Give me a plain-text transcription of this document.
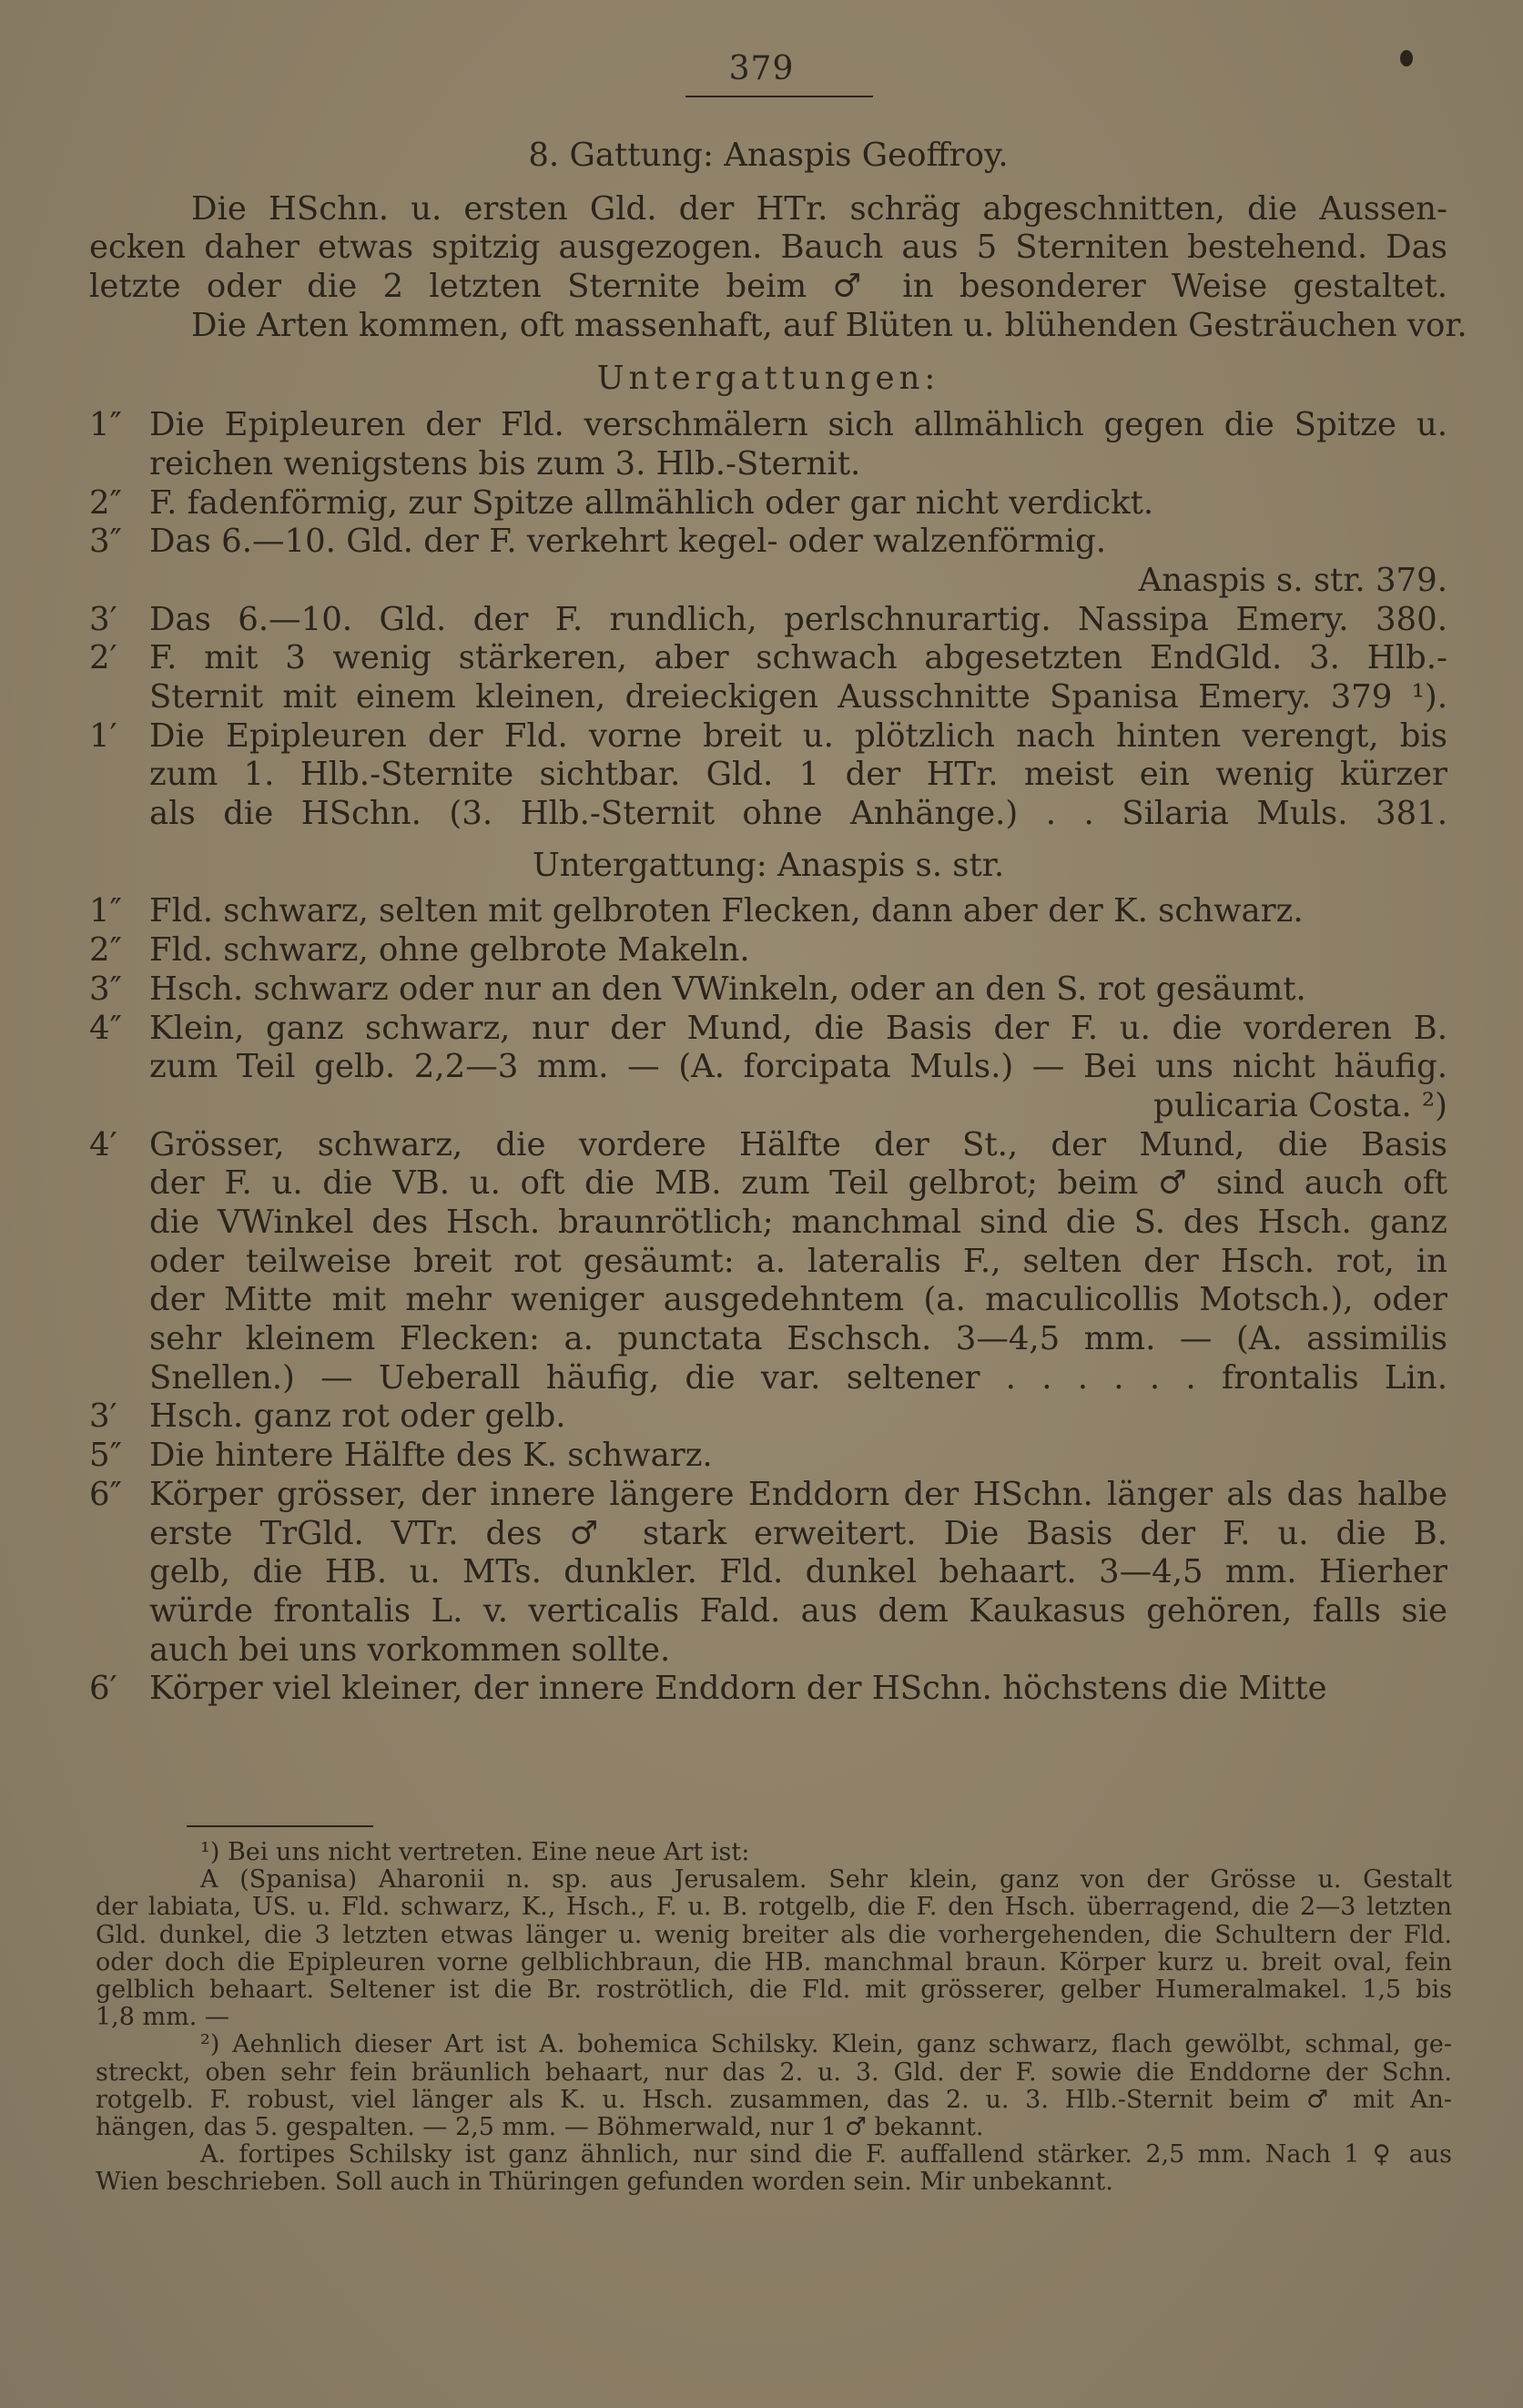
379
8. Gattung: Anaspis Geoffroy.
Die HSchn. u. ersten Gld. der HTr. schräg abgeschnitten, die Aussen-
ecken daher etwas spitzig ausgezogen. Bauch aus 5 Sterniten bestehend. Das
letzte oder die 2 letzten Sternite beim ♂ in besonderer Weise gestaltet.
Die Arten kommen, oft massenhaft, auf Blüten u. blühenden Gesträuchen vor.
Untergattungen:
1″ Die Epipleuren der Fld. verschmälern sich allmählich gegen die Spitze u.
reichen wenigstens bis zum 3. Hlb.-Sternit.
2″ F. fadenförmig, zur Spitze allmählich oder gar nicht verdickt.
3″ Das 6.—10. Gld. der F. verkehrt kegel- oder walzenförmig.
Anaspis s. str. 379.
3′ Das 6.—10. Gld. der F. rundlich, perlschnurartig. Nassipa Emery. 380.
2′ F. mit 3 wenig stärkeren, aber schwach abgesetzten EndGld. 3. Hlb.-
Sternit mit einem kleinen, dreieckigen Ausschnitte Spanisa Emery. 379 ¹).
1′ Die Epipleuren der Fld. vorne breit u. plötzlich nach hinten verengt, bis
zum 1. Hlb.-Sternite sichtbar. Gld. 1 der HTr. meist ein wenig kürzer
als die HSchn. (3. Hlb.-Sternit ohne Anhänge.) . . Silaria Muls. 381.
Untergattung: Anaspis s. str.
1″ Fld. schwarz, selten mit gelbroten Flecken, dann aber der K. schwarz.
2″ Fld. schwarz, ohne gelbrote Makeln.
3″ Hsch. schwarz oder nur an den VWinkeln, oder an den S. rot gesäumt.
4″ Klein, ganz schwarz, nur der Mund, die Basis der F. u. die vorderen B.
zum Teil gelb. 2,2—3 mm. — (A. forcipata Muls.) — Bei uns nicht häufig.
pulicaria Costa. ²)
4′ Grösser, schwarz, die vordere Hälfte der St., der Mund, die Basis
der F. u. die VB. u. oft die MB. zum Teil gelbrot; beim ♂ sind auch oft
die VWinkel des Hsch. braunrötlich; manchmal sind die S. des Hsch. ganz
oder teilweise breit rot gesäumt: a. lateralis F., selten der Hsch. rot, in
der Mitte mit mehr weniger ausgedehntem (a. maculicollis Motsch.), oder
sehr kleinem Flecken: a. punctata Eschsch. 3—4,5 mm. — (A. assimilis
Snellen.) — Ueberall häufig, die var. seltener . . . . . . frontalis Lin.
3′ Hsch. ganz rot oder gelb.
5″ Die hintere Hälfte des K. schwarz.
6″ Körper grösser, der innere längere Enddorn der HSchn. länger als das halbe
erste TrGld. VTr. des ♂ stark erweitert. Die Basis der F. u. die B.
gelb, die HB. u. MTs. dunkler. Fld. dunkel behaart. 3—4,5 mm. Hierher
würde frontalis L. v. verticalis Fald. aus dem Kaukasus gehören, falls sie
auch bei uns vorkommen sollte.
6′ Körper viel kleiner, der innere Enddorn der HSchn. höchstens die Mitte
¹) Bei uns nicht vertreten. Eine neue Art ist:
A (Spanisa) Aharonii n. sp. aus Jerusalem. Sehr klein, ganz von der Grösse u. Gestalt
der labiata, US. u. Fld. schwarz, K., Hsch., F. u. B. rotgelb, die F. den Hsch. überragend, die 2—3 letzten
Gld. dunkel, die 3 letzten etwas länger u. wenig breiter als die vorhergehenden, die Schultern der Fld.
oder doch die Epipleuren vorne gelblichbraun, die HB. manchmal braun. Körper kurz u. breit oval, fein
gelblich behaart. Seltener ist die Br. roströtlich, die Fld. mit grösserer, gelber Humeralmakel. 1,5 bis
1,8 mm. —
²) Aehnlich dieser Art ist A. bohemica Schilsky. Klein, ganz schwarz, flach gewölbt, schmal, ge-
streckt, oben sehr fein bräunlich behaart, nur das 2. u. 3. Gld. der F. sowie die Enddorne der Schn.
rotgelb. F. robust, viel länger als K. u. Hsch. zusammen, das 2. u. 3. Hlb.-Sternit beim ♂ mit An-
hängen, das 5. gespalten. — 2,5 mm. — Böhmerwald, nur 1 ♂ bekannt.
A. fortipes Schilsky ist ganz ähnlich, nur sind die F. auffallend stärker. 2,5 mm. Nach 1 ♀ aus
Wien beschrieben. Soll auch in Thüringen gefunden worden sein. Mir unbekannt.
